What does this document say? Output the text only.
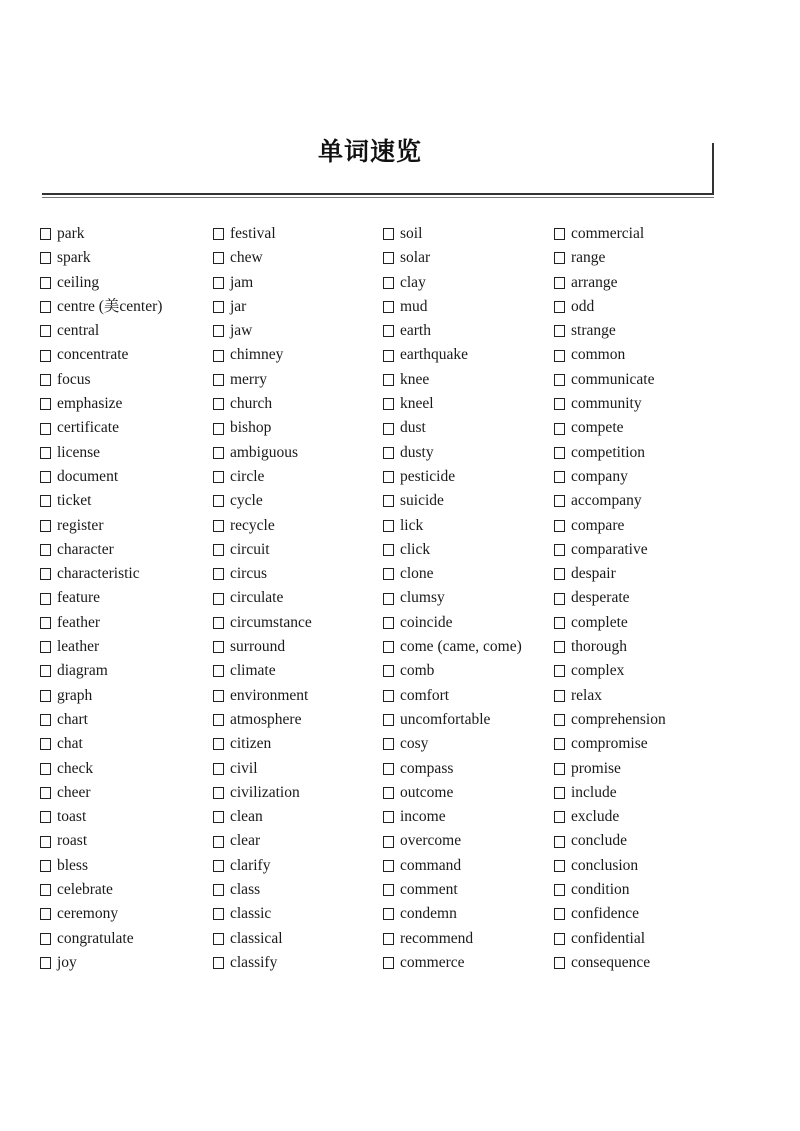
单词速览
park
spark
ceiling
centre (美center)
central
concentrate
focus
emphasize
certificate
license
document
ticket
register
character
characteristic
feature
feather
leather
diagram
graph
chart
chat
check
cheer
toast
roast
bless
celebrate
ceremony
congratulate
joy
festival
chew
jam
jar
jaw
chimney
merry
church
bishop
ambiguous
circle
cycle
recycle
circuit
circus
circulate
circumstance
surround
climate
environment
atmosphere
citizen
civil
civilization
clean
clear
clarify
class
classic
classical
classify
soil
solar
clay
mud
earth
earthquake
knee
kneel
dust
dusty
pesticide
suicide
lick
click
clone
clumsy
coincide
come (came, come)
comb
comfort
uncomfortable
cosy
compass
outcome
income
overcome
command
comment
condemn
recommend
commerce
commercial
range
arrange
odd
strange
common
communicate
community
compete
competition
company
accompany
compare
comparative
despair
desperate
complete
thorough
complex
relax
comprehension
compromise
promise
include
exclude
conclude
conclusion
condition
confidence
confidential
consequence
